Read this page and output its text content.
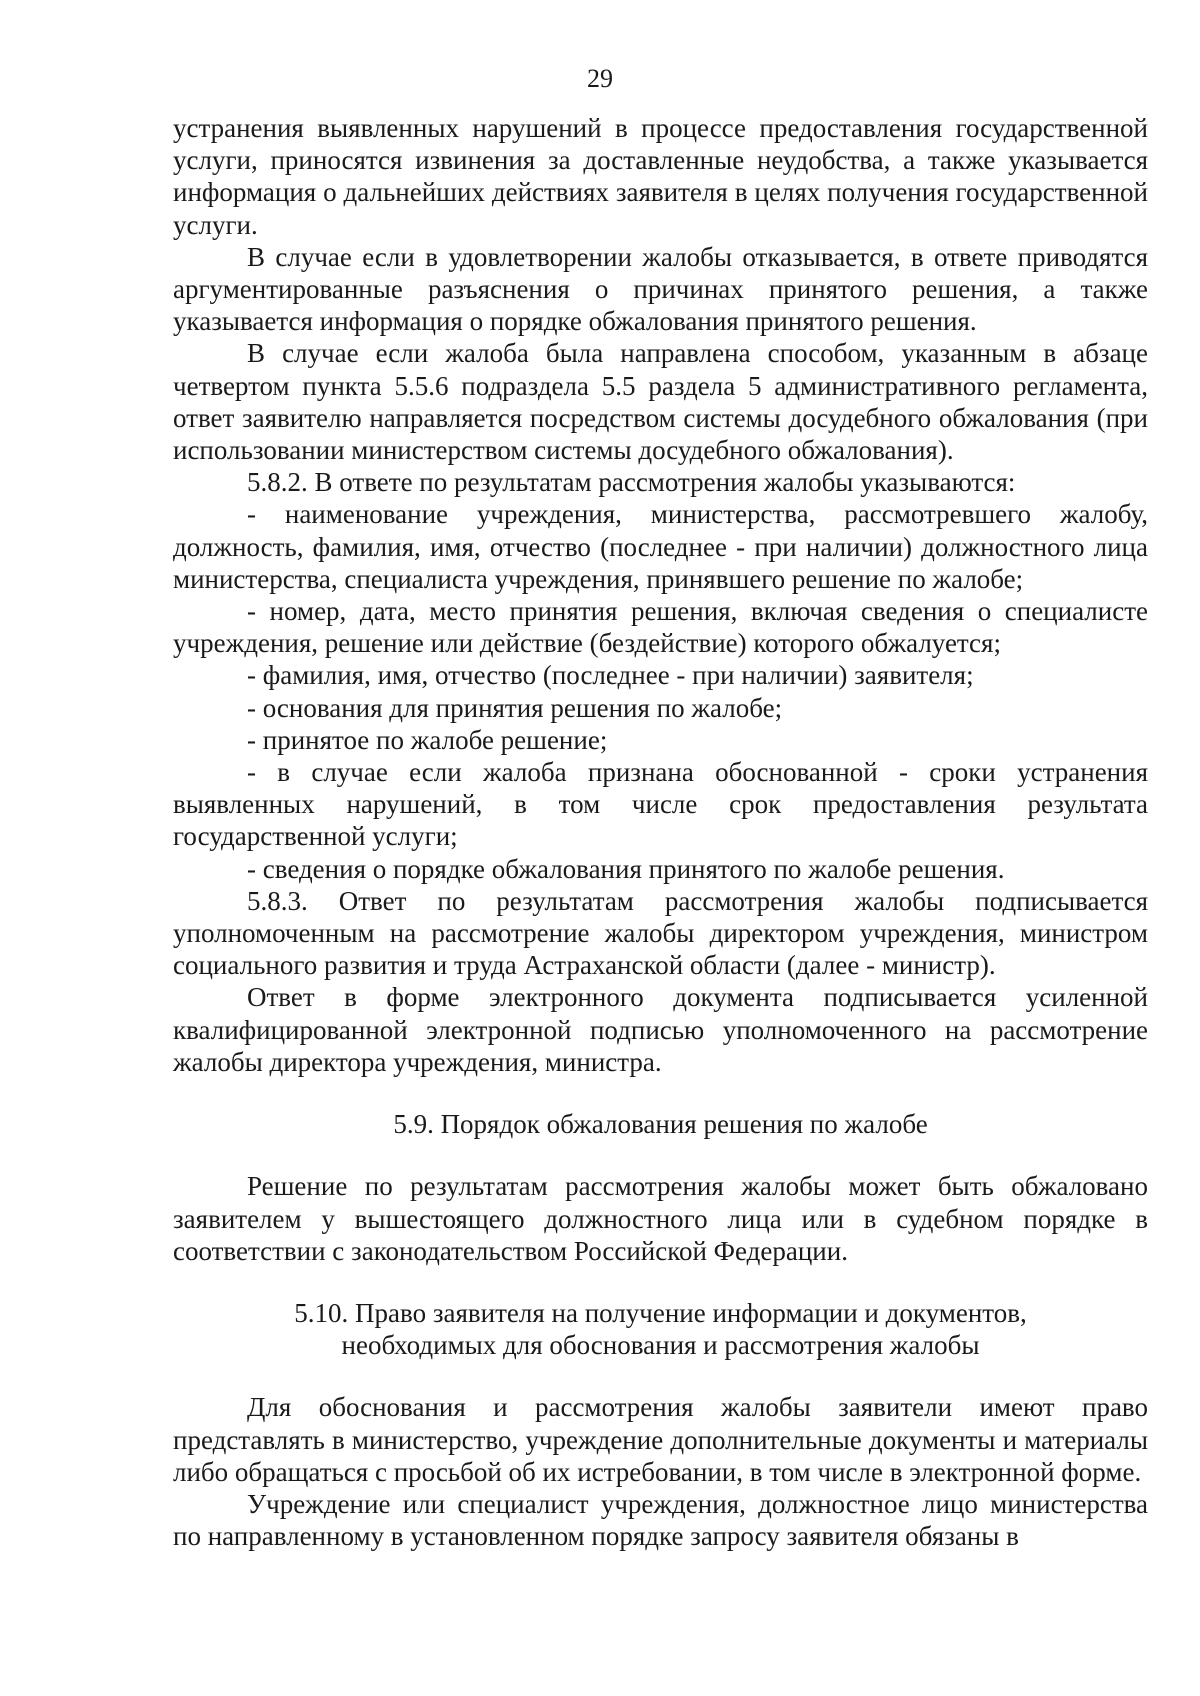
29

устранения выявленных нарушений в процессе предоставления государственной услуги, приносятся извинения за доставленные неудобства, а также указывается информация о дальнейших действиях заявителя в целях получения государственной услуги.

В случае если в удовлетворении жалобы отказывается, в ответе приводятся аргументированные разъяснения о причинах принятого решения, а также указывается информация о порядке обжалования принятого решения.

В случае если жалоба была направлена способом, указанным в абзаце четвертом пункта 5.5.6 подраздела 5.5 раздела 5 административного регламента, ответ заявителю направляется посредством системы досудебного обжалования (при использовании министерством системы досудебного обжалования).

5.8.2. В ответе по результатам рассмотрения жалобы указываются:

- наименование учреждения, министерства, рассмотревшего жалобу, должность, фамилия, имя, отчество (последнее - при наличии) должностного лица министерства, специалиста учреждения, принявшего решение по жалобе;

- номер, дата, место принятия решения, включая сведения о специалисте учреждения, решение или действие (бездействие) которого обжалуется;

- фамилия, имя, отчество (последнее - при наличии) заявителя;

- основания для принятия решения по жалобе;

- принятое по жалобе решение;

- в случае если жалоба признана обоснованной - сроки устранения выявленных нарушений, в том числе срок предоставления результата государственной услуги;

- сведения о порядке обжалования принятого по жалобе решения.

5.8.3. Ответ по результатам рассмотрения жалобы подписывается уполномоченным на рассмотрение жалобы директором учреждения, министром социального развития и труда Астраханской области (далее - министр).

Ответ в форме электронного документа подписывается усиленной квалифицированной электронной подписью уполномоченного на рассмотрение жалобы директора учреждения, министра.

5.9. Порядок обжалования решения по жалобе

Решение по результатам рассмотрения жалобы может быть обжаловано заявителем у вышестоящего должностного лица или в судебном порядке в соответствии с законодательством Российской Федерации.

5.10. Право заявителя на получение информации и документов, необходимых для обоснования и рассмотрения жалобы

Для обоснования и рассмотрения жалобы заявители имеют право представлять в министерство, учреждение дополнительные документы и материалы либо обращаться с просьбой об их истребовании, в том числе в электронной форме.

Учреждение или специалист учреждения, должностное лицо министерства по направленному в установленном порядке запросу заявителя обязаны в
